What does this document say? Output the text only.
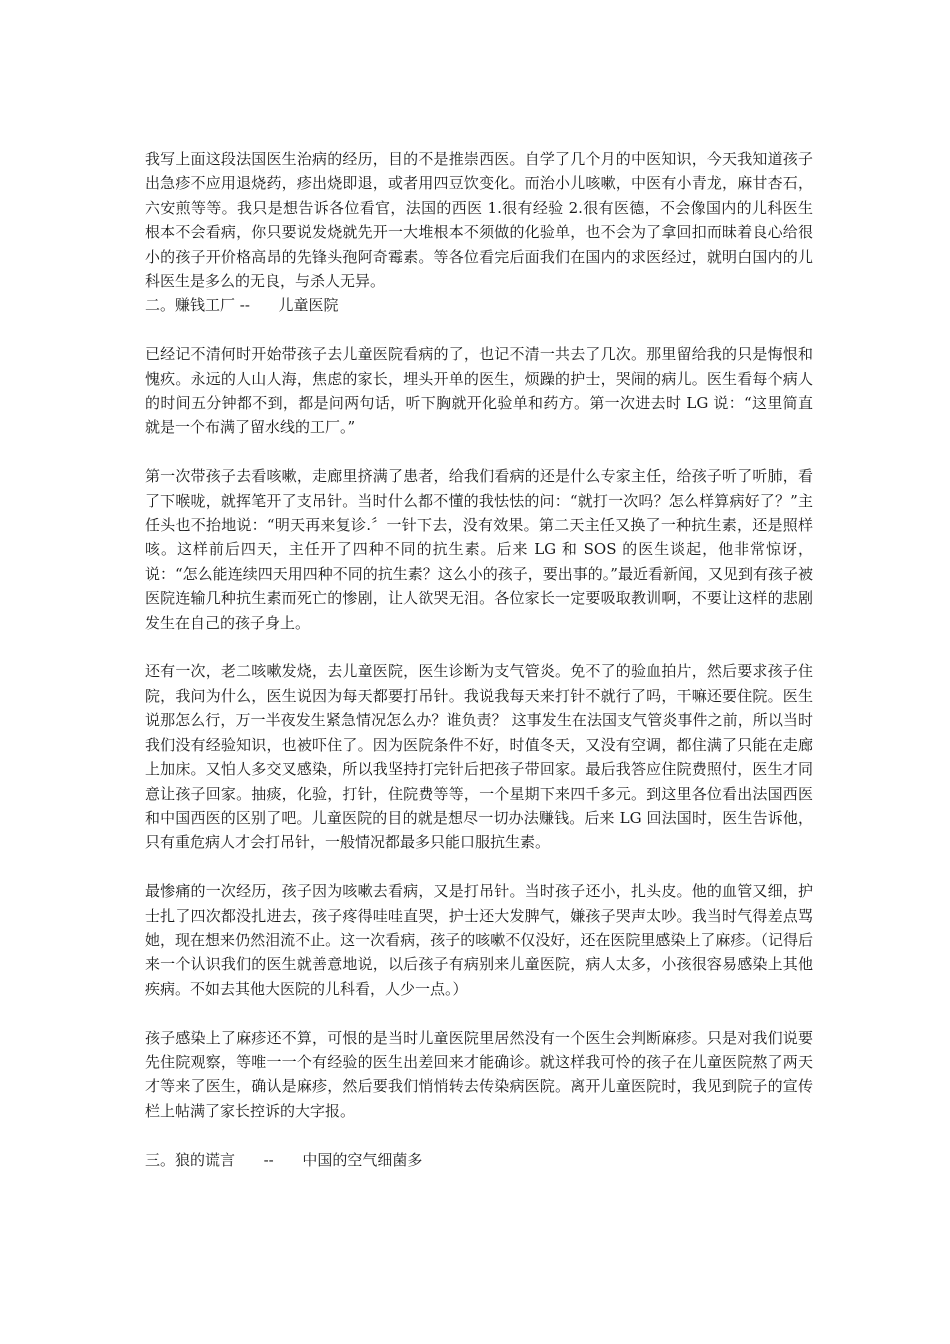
我写上面这段法国医生治病的经历，目的不是推崇西医。自学了几个月的中医知识，今天我知道孩子出急疹不应用退烧药，疹出烧即退，或者用四豆饮变化。而治小儿咳嗽，中医有小青龙，麻甘杏石，六安煎等等。我只是想告诉各位看官，法国的西医 1.很有经验 2.很有医德，不会像国内的儿科医生根本不会看病，你只要说发烧就先开一大堆根本不须做的化验单，也不会为了拿回扣而昧着良心给很小的孩子开价格高昂的先锋头孢阿奇霉素。等各位看完后面我们在国内的求医经过，就明白国内的儿科医生是多么的无良，与杀人无异。

二。赚钱工厂 --      儿童医院

已经记不清何时开始带孩子去儿童医院看病的了，也记不清一共去了几次。那里留给我的只是悔恨和愧疚。永远的人山人海，焦虑的家长，埋头开单的医生，烦躁的护士，哭闹的病儿。医生看每个病人的时间五分钟都不到，都是问两句话，听下胸就开化验单和药方。第一次进去时 LG 说：“这里简直就是一个布满了留水线的工厂。”

第一次带孩子去看咳嗽，走廊里挤满了患者，给我们看病的还是什么专家主任，给孩子听了听肺，看了下喉咙，就挥笔开了支吊针。当时什么都不懂的我怯怯的问：“就打一次吗？怎么样算病好了？”主任头也不抬地说：“明天再来复诊.〞一针下去，没有效果。第二天主任又换了一种抗生素，还是照样咳。这样前后四天，主任开了四种不同的抗生素。后来 LG 和 SOS 的医生谈起，他非常惊讶，说：“怎么能连续四天用四种不同的抗生素？这么小的孩子，要出事的。”最近看新闻，又见到有孩子被医院连输几种抗生素而死亡的惨剧，让人欲哭无泪。各位家长一定要吸取教训啊，不要让这样的悲剧发生在自己的孩子身上。

还有一次，老二咳嗽发烧，去儿童医院，医生诊断为支气管炎。免不了的验血拍片，然后要求孩子住院，我问为什么，医生说因为每天都要打吊针。我说我每天来打针不就行了吗，干嘛还要住院。医生说那怎么行，万一半夜发生紧急情况怎么办？谁负责？ 这事发生在法国支气管炎事件之前，所以当时我们没有经验知识，也被吓住了。因为医院条件不好，时值冬天，又没有空调，都住满了只能在走廊上加床。又怕人多交叉感染，所以我坚持打完针后把孩子带回家。最后我答应住院费照付，医生才同意让孩子回家。抽痰，化验，打针，住院费等等，一个星期下来四千多元。到这里各位看出法国西医和中国西医的区别了吧。儿童医院的目的就是想尽一切办法赚钱。后来 LG 回法国时，医生告诉他，只有重危病人才会打吊针，一般情况都最多只能口服抗生素。

最惨痛的一次经历，孩子因为咳嗽去看病，又是打吊针。当时孩子还小，扎头皮。他的血管又细，护士扎了四次都没扎进去，孩子疼得哇哇直哭，护士还大发脾气，嫌孩子哭声太吵。我当时气得差点骂她，现在想来仍然泪流不止。这一次看病，孩子的咳嗽不仅没好，还在医院里感染上了麻疹。（记得后来一个认识我们的医生就善意地说，以后孩子有病别来儿童医院，病人太多，小孩很容易感染上其他疾病。不如去其他大医院的儿科看，人少一点。）

孩子感染上了麻疹还不算，可恨的是当时儿童医院里居然没有一个医生会判断麻疹。只是对我们说要先住院观察，等唯一一个有经验的医生出差回来才能确诊。就这样我可怜的孩子在儿童医院熬了两天才等来了医生，确认是麻疹，然后要我们悄悄转去传染病医院。离开儿童医院时，我见到院子的宣传栏上帖满了家长控诉的大字报。

三。狼的谎言      --      中国的空气细菌多
